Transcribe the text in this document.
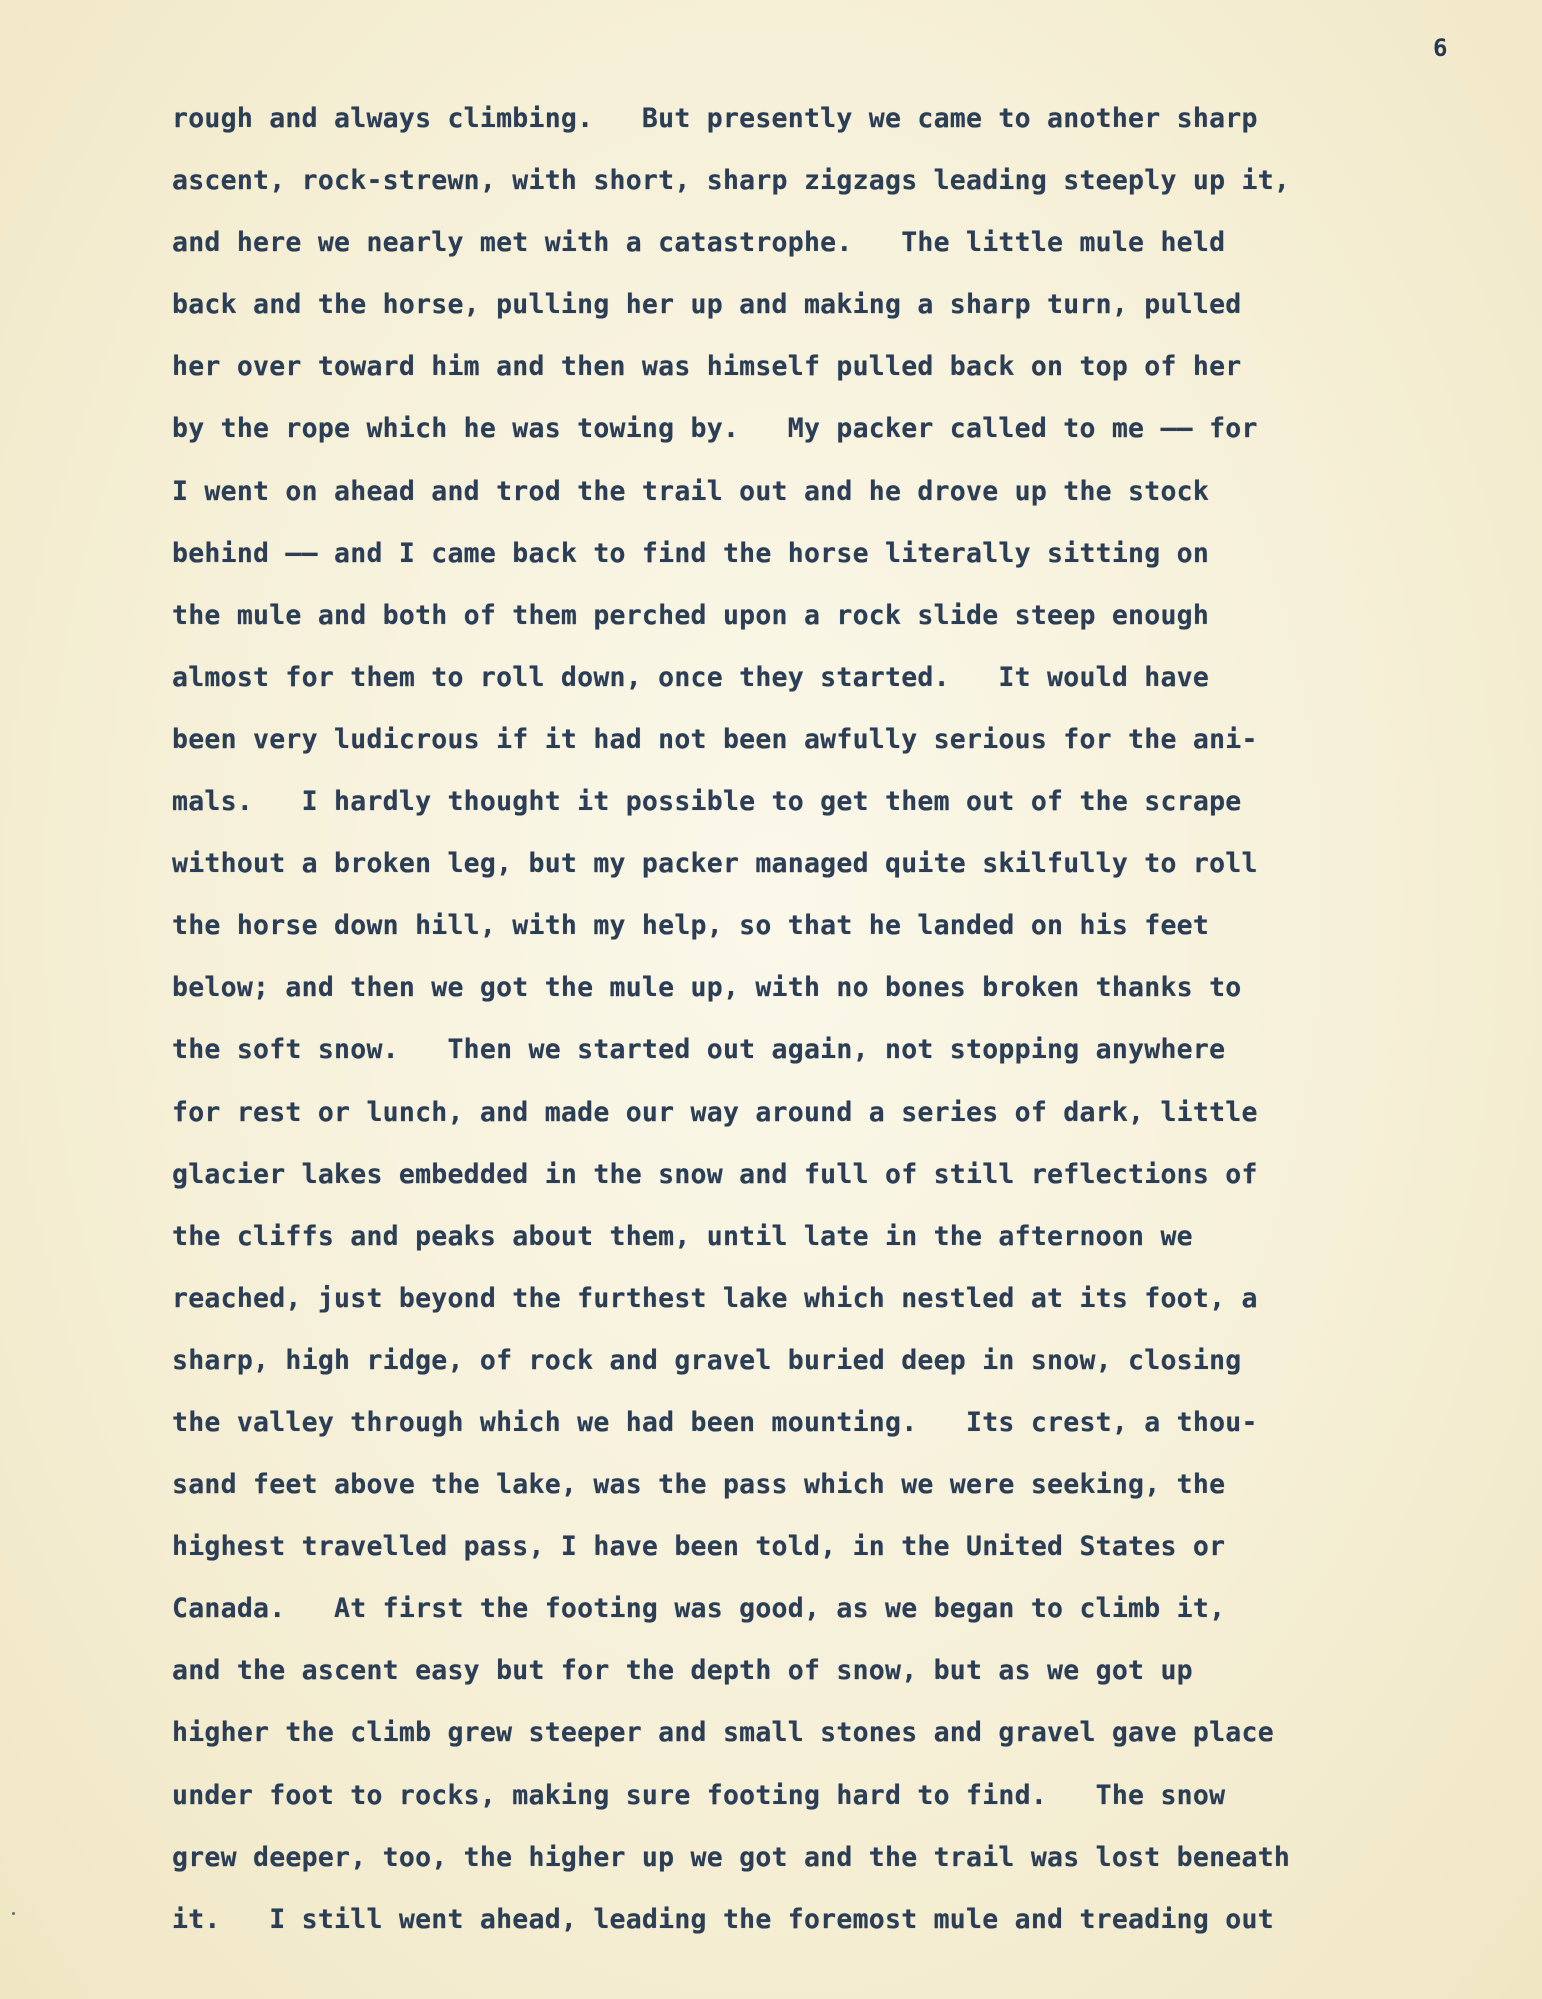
6
rough and always climbing.   But presently we came to another sharp
ascent, rock-strewn, with short, sharp zigzags leading steeply up it,
and here we nearly met with a catastrophe.   The little mule held
back and the horse, pulling her up and making a sharp turn, pulled
her over toward him and then was himself pulled back on top of her
by the rope which he was towing by.   My packer called to me —— for
I went on ahead and trod the trail out and he drove up the stock
behind —— and I came back to find the horse literally sitting on
the mule and both of them perched upon a rock slide steep enough
almost for them to roll down, once they started.   It would have
been very ludicrous if it had not been awfully serious for the ani-
mals.   I hardly thought it possible to get them out of the scrape
without a broken leg, but my packer managed quite skilfully to roll
the horse down hill, with my help, so that he landed on his feet
below; and then we got the mule up, with no bones broken thanks to
the soft snow.   Then we started out again, not stopping anywhere
for rest or lunch, and made our way around a series of dark, little
glacier lakes embedded in the snow and full of still reflections of
the cliffs and peaks about them, until late in the afternoon we
reached, just beyond the furthest lake which nestled at its foot, a
sharp, high ridge, of rock and gravel buried deep in snow, closing
the valley through which we had been mounting.   Its crest, a thou-
sand feet above the lake, was the pass which we were seeking, the
highest travelled pass, I have been told, in the United States or
Canada.   At first the footing was good, as we began to climb it,
and the ascent easy but for the depth of snow, but as we got up
higher the climb grew steeper and small stones and gravel gave place
under foot to rocks, making sure footing hard to find.   The snow
grew deeper, too, the higher up we got and the trail was lost beneath
it.   I still went ahead, leading the foremost mule and treading out
